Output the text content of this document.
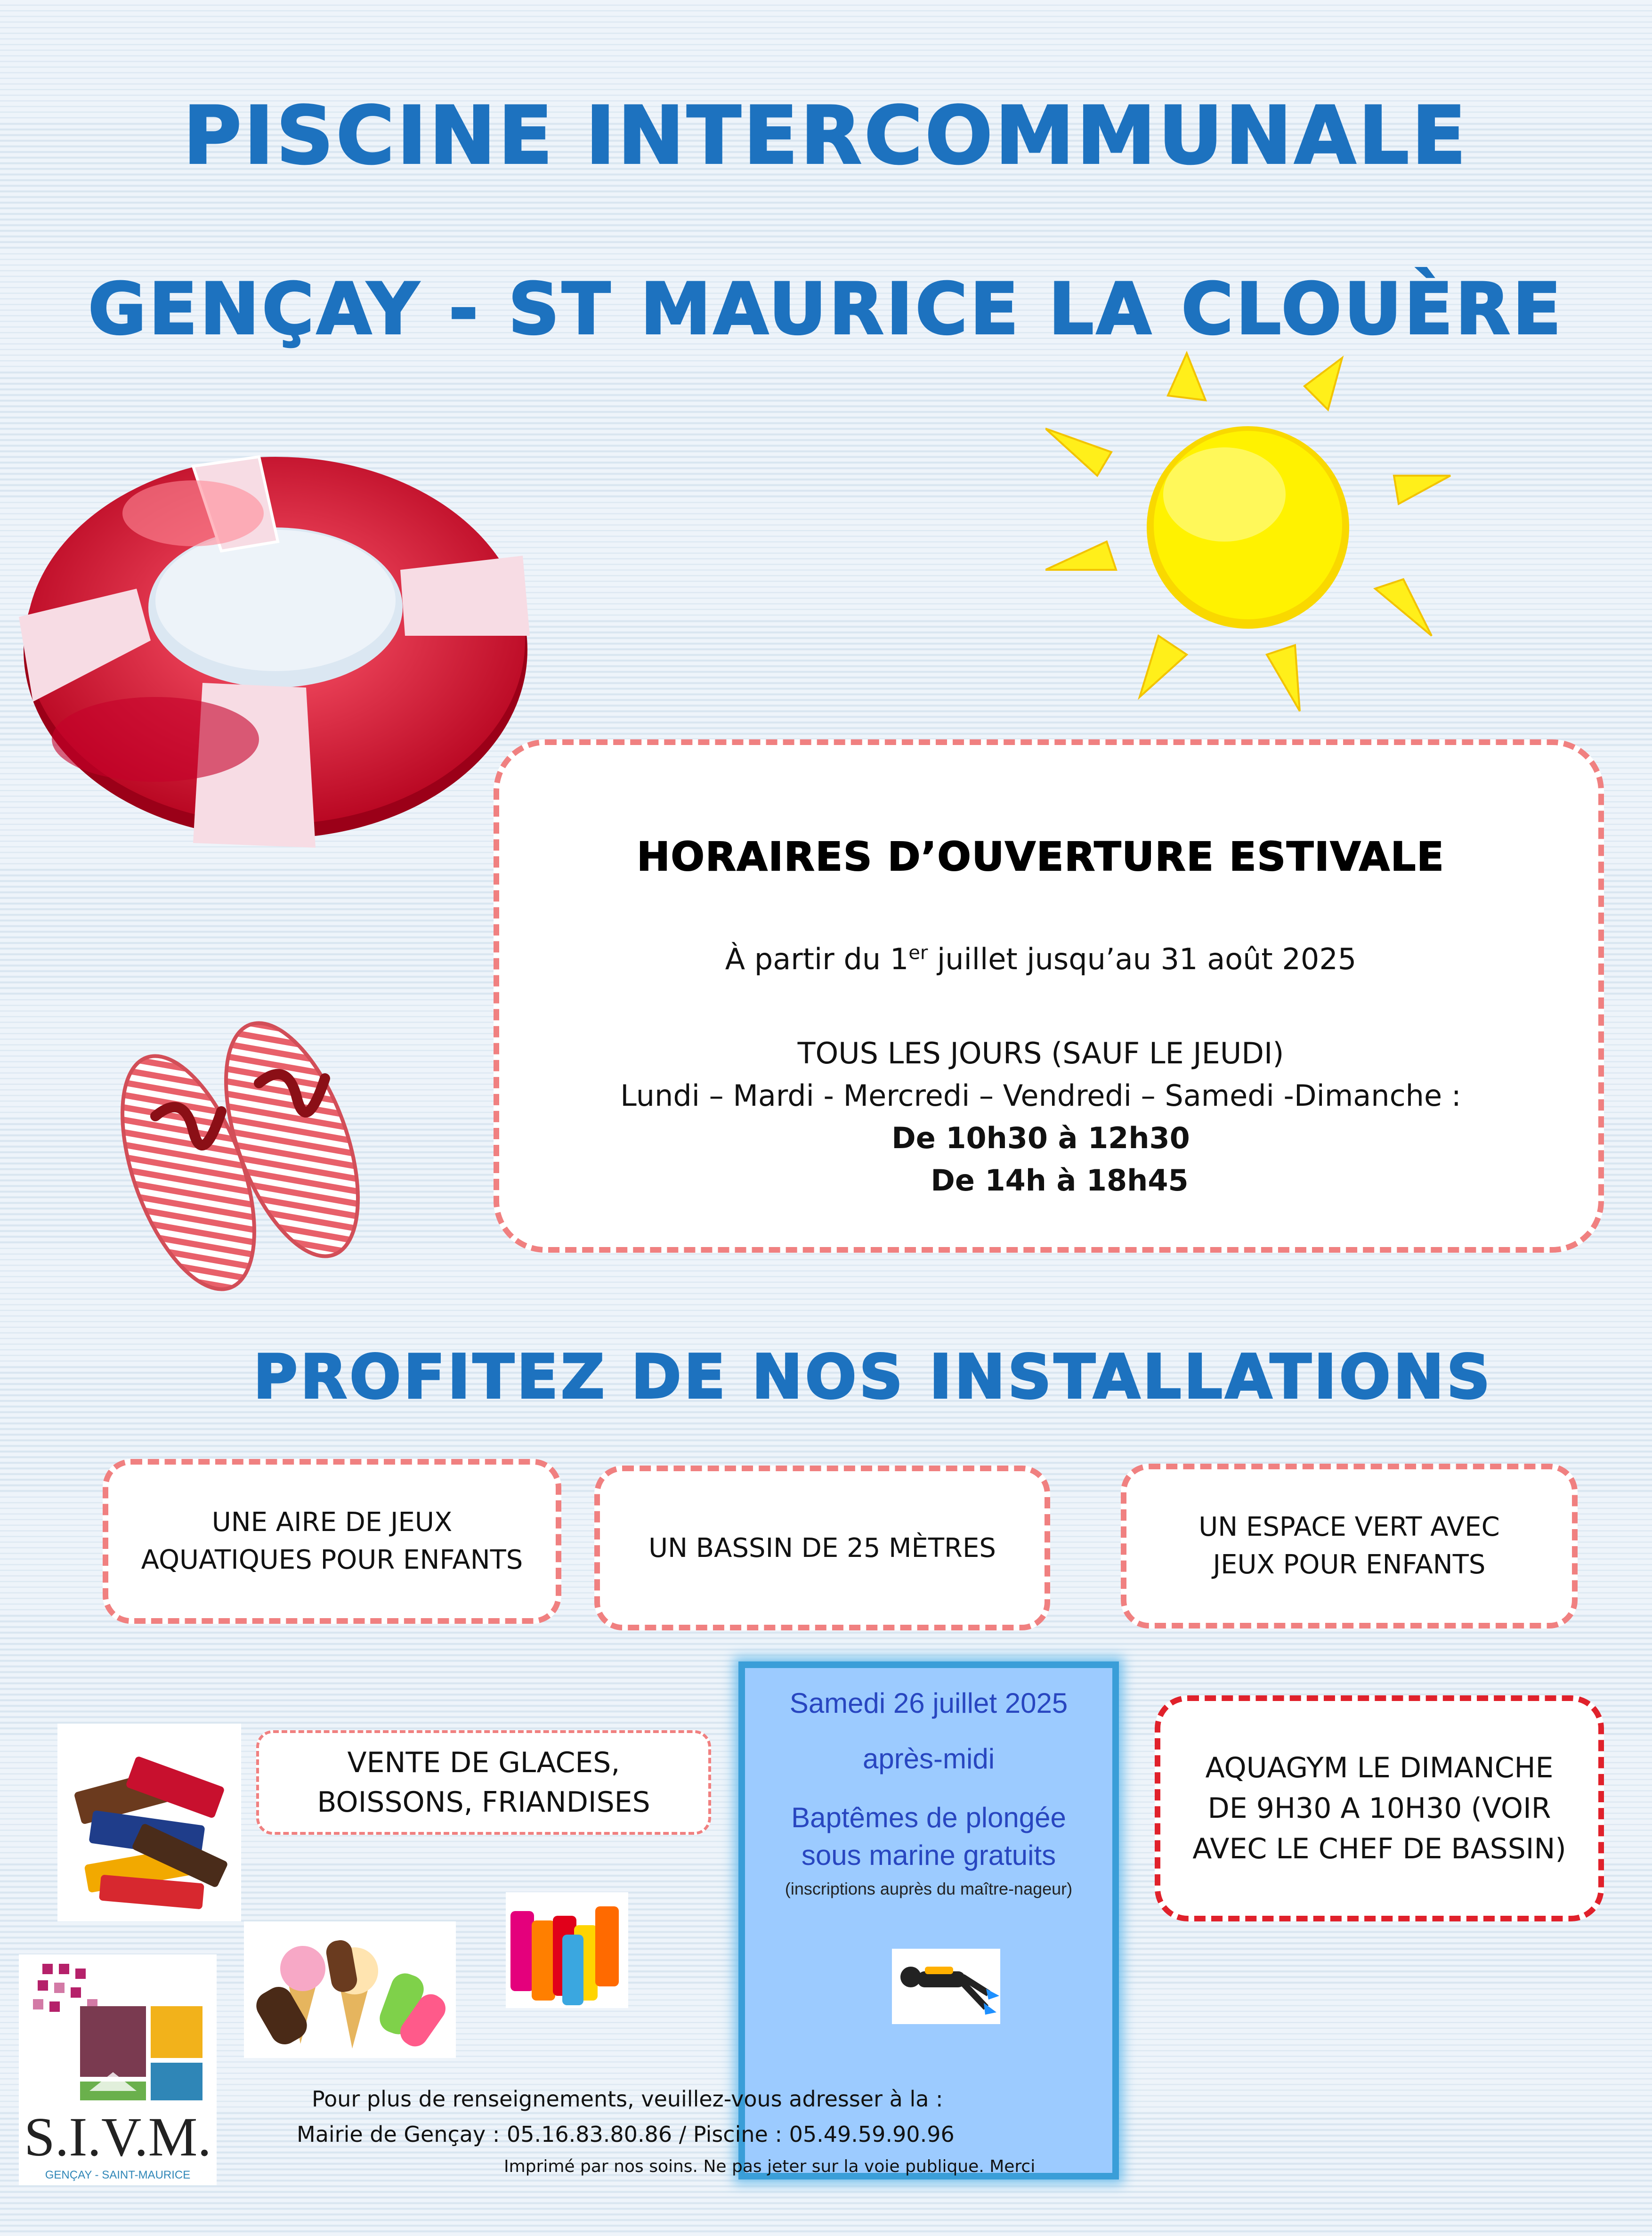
PISCINE INTERCOMMUNALE
GENÇAY - ST MAURICE LA CLOUÈRE
HORAIRES D’OUVERTURE ESTIVALE
À partir du 1er juillet jusqu’au 31 août 2025
TOUS LES JOURS (SAUF LE JEUDI)
Lundi – Mardi - Mercredi – Vendredi – Samedi -Dimanche :
De 10h30 à 12h30
De 14h à 18h45
PROFITEZ DE NOS INSTALLATIONS
UNE AIRE DE JEUX AQUATIQUES POUR ENFANTS	UN BASSIN DE 25 MÈTRES
UN ESPACE VERT AVEC JEUX POUR ENFANTS
VENTE DE GLACES, BOISSONS, FRIANDISES
Samedi 26 juillet 2025
après-midi
Baptêmes de plongée sous marine gratuits
(inscriptions auprès du maître-nageur)
AQUAGYM LE DIMANCHE DE 9H30 A 10H30 (VOIR AVEC LE CHEF DE BASSIN)
S.I.V.M.
GENÇAY - SAINT-MAURICE
Pour plus de renseignements, veuillez-vous adresser à la :
Mairie de Gençay : 05.16.83.80.86 / Piscine : 05.49.59.90.96
Imprimé par nos soins. Ne pas jeter sur la voie publique. Merci
